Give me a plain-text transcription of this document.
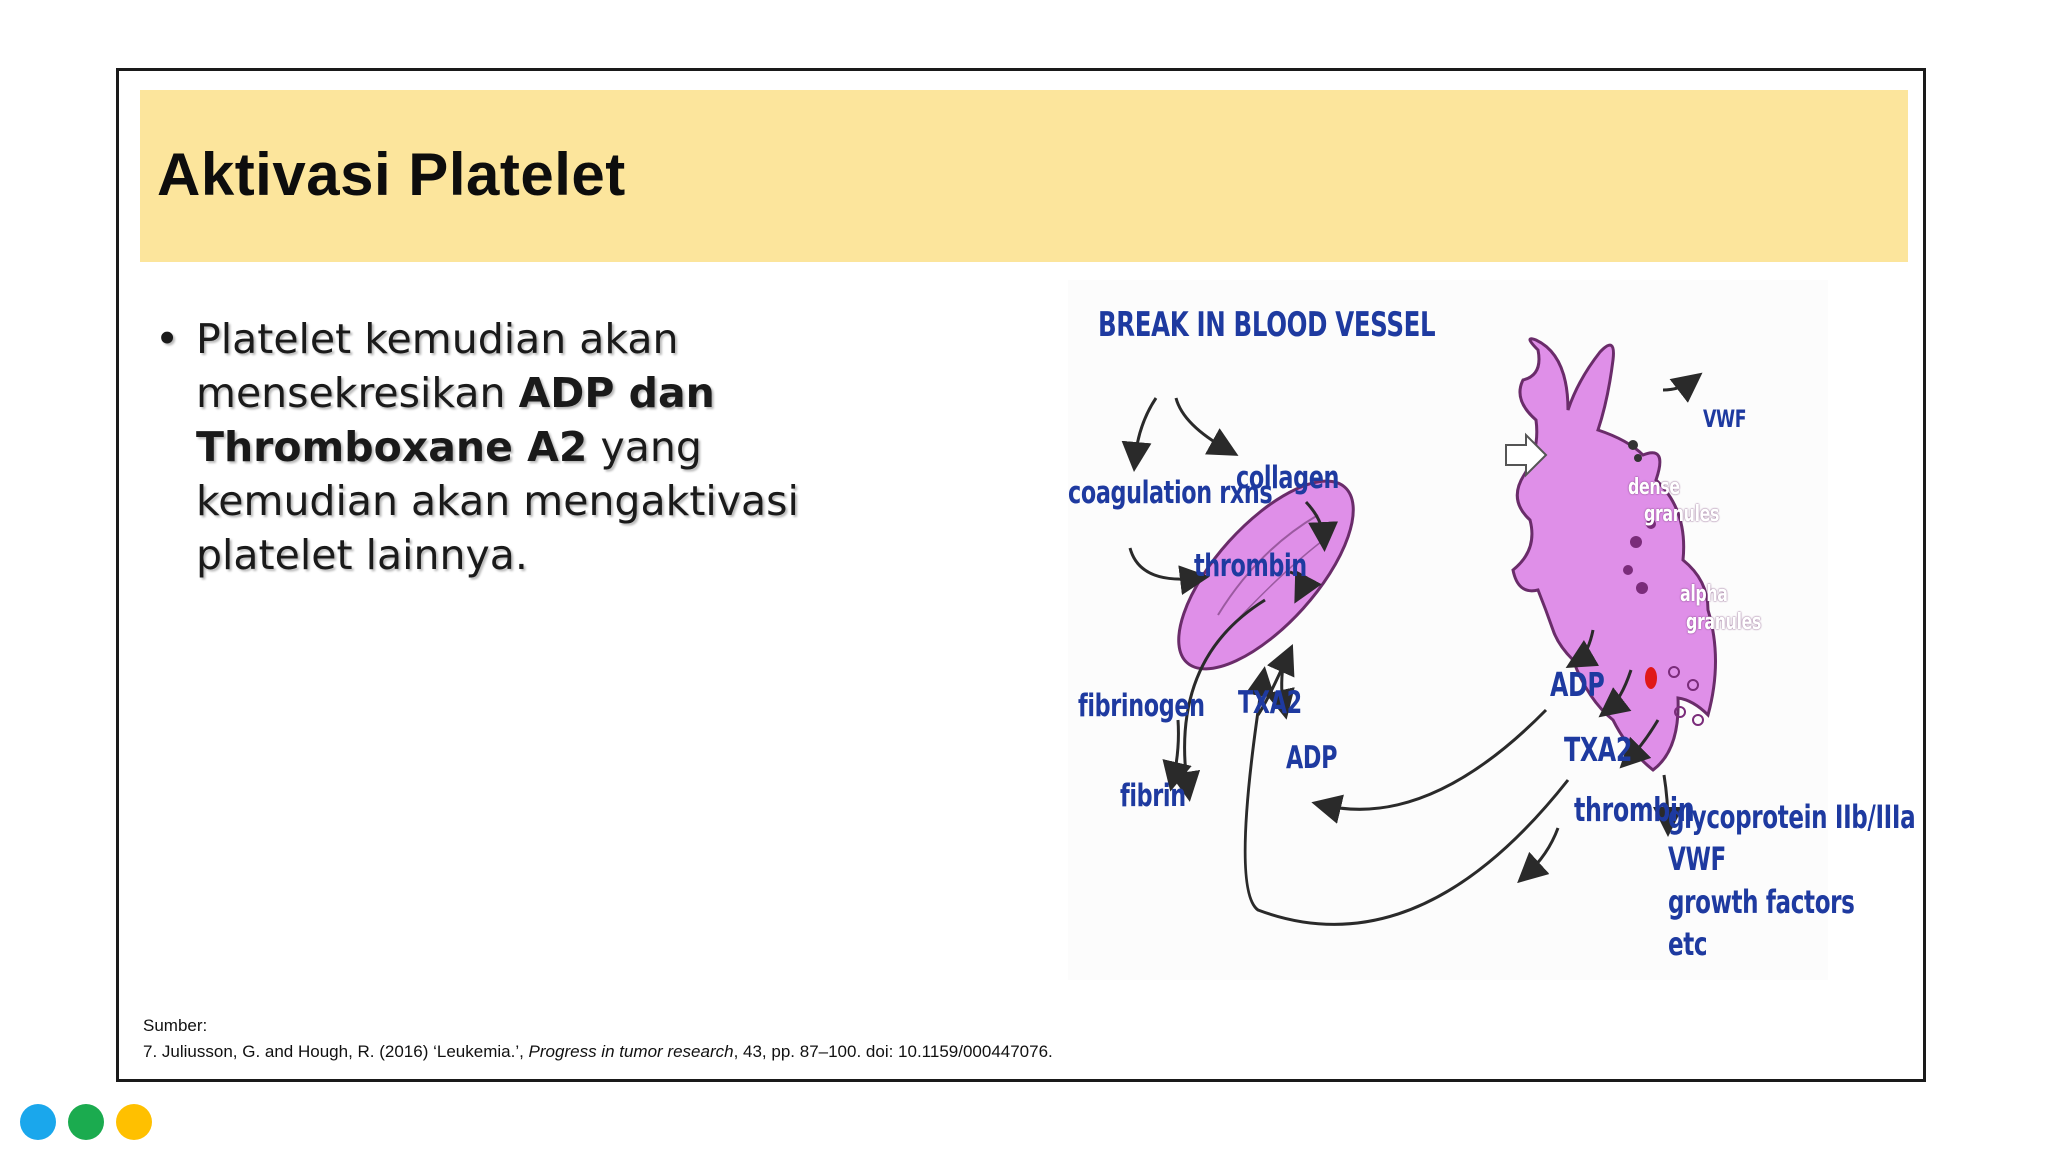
Aktivasi Platelet
• Platelet kemudian akan mensekresikan ADP dan Thromboxane A2 yang kemudian akan mengaktivasi platelet lainnya.
BREAK IN BLOOD VESSEL
coagulation rxns
collagen
thrombin
fibrinogen
fibrin
TXA2
ADP
VWF
dense
granules
alpha
granules
ADP
TXA2
thrombin
glycoprotein IIb/IIIa
VWF
growth factors
etc
Sumber:
7. Juliusson, G. and Hough, R. (2016) ‘Leukemia.’, Progress in tumor research, 43, pp. 87–100. doi: 10.1159/000447076.
